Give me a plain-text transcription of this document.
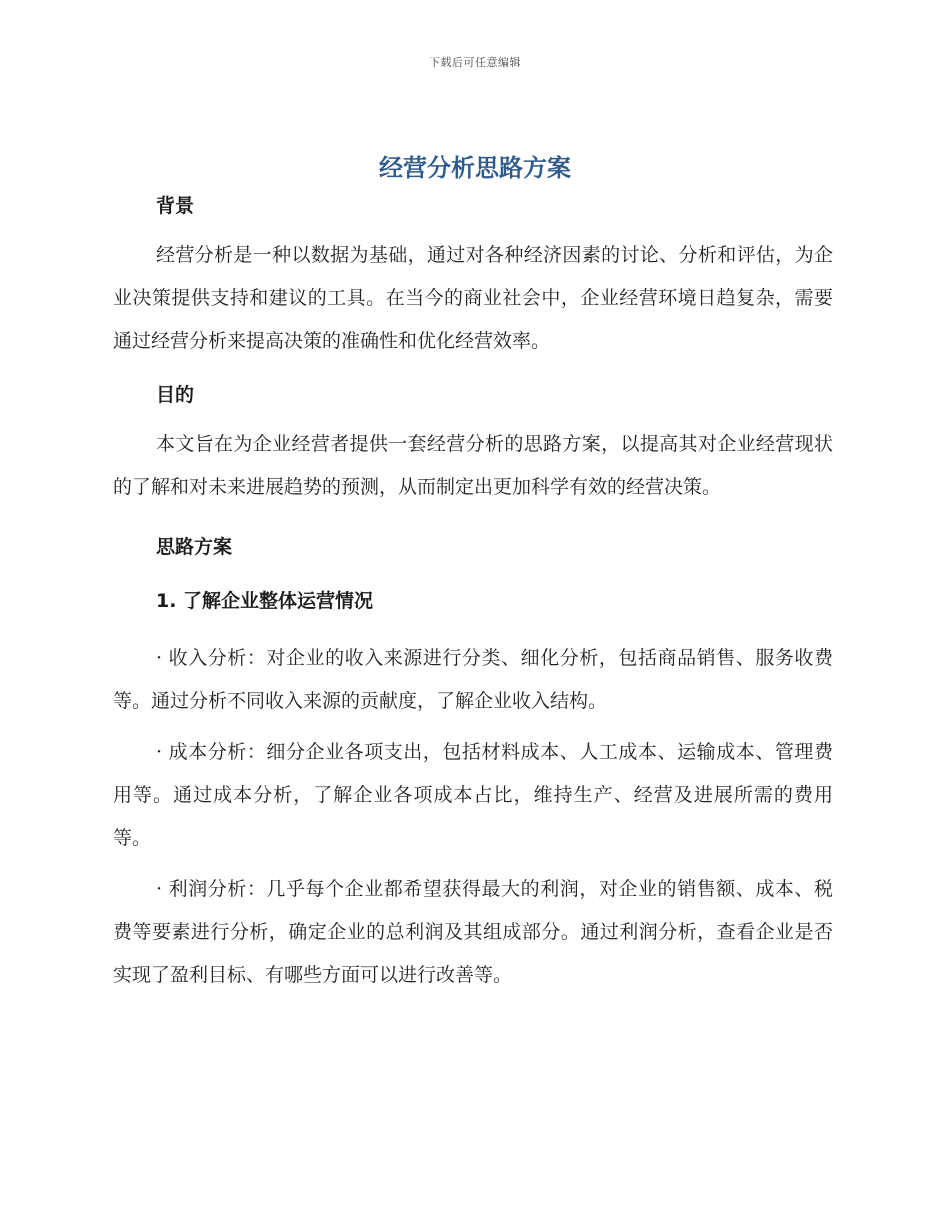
下载后可任意编辑
经营分析思路方案
背景

经营分析是一种以数据为基础，通过对各种经济因素的讨论、分析和评估，为企业决策提供支持和建议的工具。在当今的商业社会中，企业经营环境日趋复杂，需要通过经营分析来提高决策的准确性和优化经营效率。

目的

本文旨在为企业经营者提供一套经营分析的思路方案，以提高其对企业经营现状的了解和对未来进展趋势的预测，从而制定出更加科学有效的经营决策。

思路方案
1. 了解企业整体运营情况

· 收入分析：对企业的收入来源进行分类、细化分析，包括商品销售、服务收费等。通过分析不同收入来源的贡献度，了解企业收入结构。

· 成本分析：细分企业各项支出，包括材料成本、人工成本、运输成本、管理费用等。通过成本分析，了解企业各项成本占比，维持生产、经营及进展所需的费用等。

· 利润分析：几乎每个企业都希望获得最大的利润，对企业的销售额、成本、税费等要素进行分析，确定企业的总利润及其组成部分。通过利润分析，查看企业是否实现了盈利目标、有哪些方面可以进行改善等。
